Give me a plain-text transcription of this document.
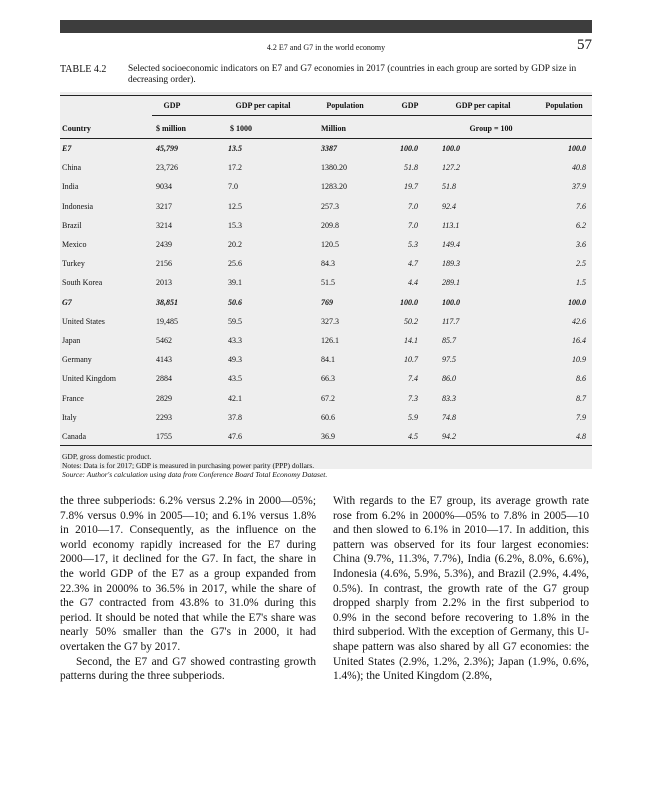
4.2 E7 and G7 in the world economy	57
TABLE 4.2 Selected socioeconomic indicators on E7 and G7 economies in 2017 (countries in each group are sorted by GDP size in decreasing order).
GDP	GDP per capital	Population	GDP	GDP per capital	Population
Country	$ million	$ 1000	Million	Group = 100
E7	45,799	13.5	3387	100.0	100.0	100.0
China	23,726	17.2	1380.20	51.8	127.2	40.8
India	9034	7.0	1283.20	19.7	51.8	37.9
Indonesia	3217	12.5	257.3	7.0	92.4	7.6
Brazil	3214	15.3	209.8	7.0	113.1	6.2
Mexico	2439	20.2	120.5	5.3	149.4	3.6
Turkey	2156	25.6	84.3	4.7	189.3	2.5
South Korea	2013	39.1	51.5	4.4	289.1	1.5
G7	38,851	50.6	769	100.0	100.0	100.0
United States	19,485	59.5	327.3	50.2	117.7	42.6
Japan	5462	43.3	126.1	14.1	85.7	16.4
Germany	4143	49.3	84.1	10.7	97.5	10.9
United Kingdom	2884	43.5	66.3	7.4	86.0	8.6
France	2829	42.1	67.2	7.3	83.3	8.7
Italy	2293	37.8	60.6	5.9	74.8	7.9
Canada	1755	47.6	36.9	4.5	94.2	4.8
GDP, gross domestic product.
Notes: Data is for 2017; GDP is measured in purchasing power parity (PPP) dollars.
Source: Author's calculation using data from Conference Board Total Economy Dataset.

the three subperiods: 6.2% versus 2.2% in 2000—05%; 7.8% versus 0.9% in 2005—10; and 6.1% versus 1.8% in 2010—17. Consequently, as the influence on the world economy rapidly increased for the E7 during 2000—17, it declined for the G7. In fact, the share in the world GDP of the E7 as a group expanded from 22.3% in 2000% to 36.5% in 2017, while the share of the G7 contracted from 43.8% to 31.0% during this period. It should be noted that while the E7's share was nearly 50% smaller than the G7's in 2000, it had overtaken the G7 by 2017.

Second, the E7 and G7 showed contrasting growth patterns during the three subperiods.

With regards to the E7 group, its average growth rate rose from 6.2% in 2000%—05% to 7.8% in 2005—10 and then slowed to 6.1% in 2010—17. In addition, this pattern was observed for its four largest economies: China (9.7%, 11.3%, 7.7%), India (6.2%, 8.0%, 6.6%), Indonesia (4.6%, 5.9%, 5.3%), and Brazil (2.9%, 4.4%, 0.5%). In contrast, the growth rate of the G7 group dropped sharply from 2.2% in the first subperiod to 0.9% in the second before recovering to 1.8% in the third subperiod. With the exception of Germany, this U-shape pattern was also shared by all G7 economies: the United States (2.9%, 1.2%, 2.3%); Japan (1.9%, 0.6%, 1.4%); the United Kingdom (2.8%,
